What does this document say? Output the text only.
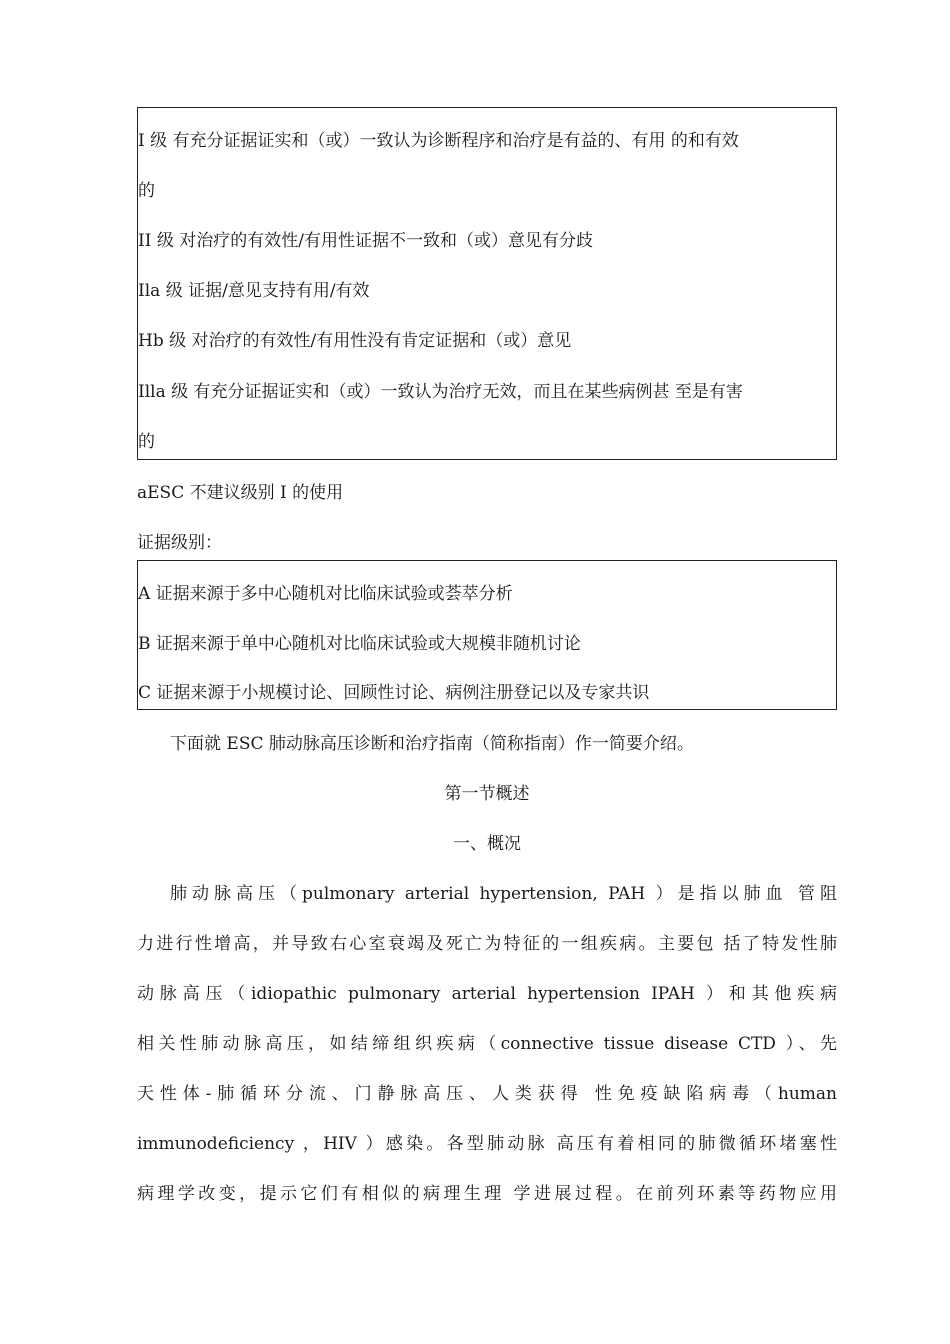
I 级 有充分证据证实和（或）一致认为诊断程序和治疗是有益的、有用 的和有效
的
II 级 对治疗的有效性/有用性证据不一致和（或）意见有分歧
Ila 级 证据/意见支持有用/有效
Hb 级 对治疗的有效性/有用性没有肯定证据和（或）意见
Illa 级 有充分证据证实和（或）一致认为治疗无效，而且在某些病例甚 至是有害
的
aESC 不建议级别 I 的使用
证据级别：
A 证据来源于多中心随机对比临床试验或荟萃分析
B 证据来源于单中心随机对比临床试验或大规模非随机讨论
C 证据来源于小规模讨论、回顾性讨论、病例注册登记以及专家共识
下面就 ESC 肺动脉高压诊断和治疗指南（简称指南）作一简要介绍。
第一节概述
一、概况
肺动脉高压（pulmonary arterial hypertension, PAH ）是指以肺血 管阻
力进行性增高，并导致右心室衰竭及死亡为特征的一组疾病。主要包 括了特发性肺
动脉高压（idiopathic pulmonary arterial hypertension IPAH ）和其他疾病
相关性肺动脉高压，如结缔组织疾病（connective tissue disease CTD ）、先
天性体-肺循环分流、门静脉高压、人类获得 性免疫缺陷病毒（human
immunodeficiency ，HIV ）感染。各型肺动脉 高压有着相同的肺微循环堵塞性
病理学改变，提示它们有相似的病理生理 学进展过程。在前列环素等药物应用
